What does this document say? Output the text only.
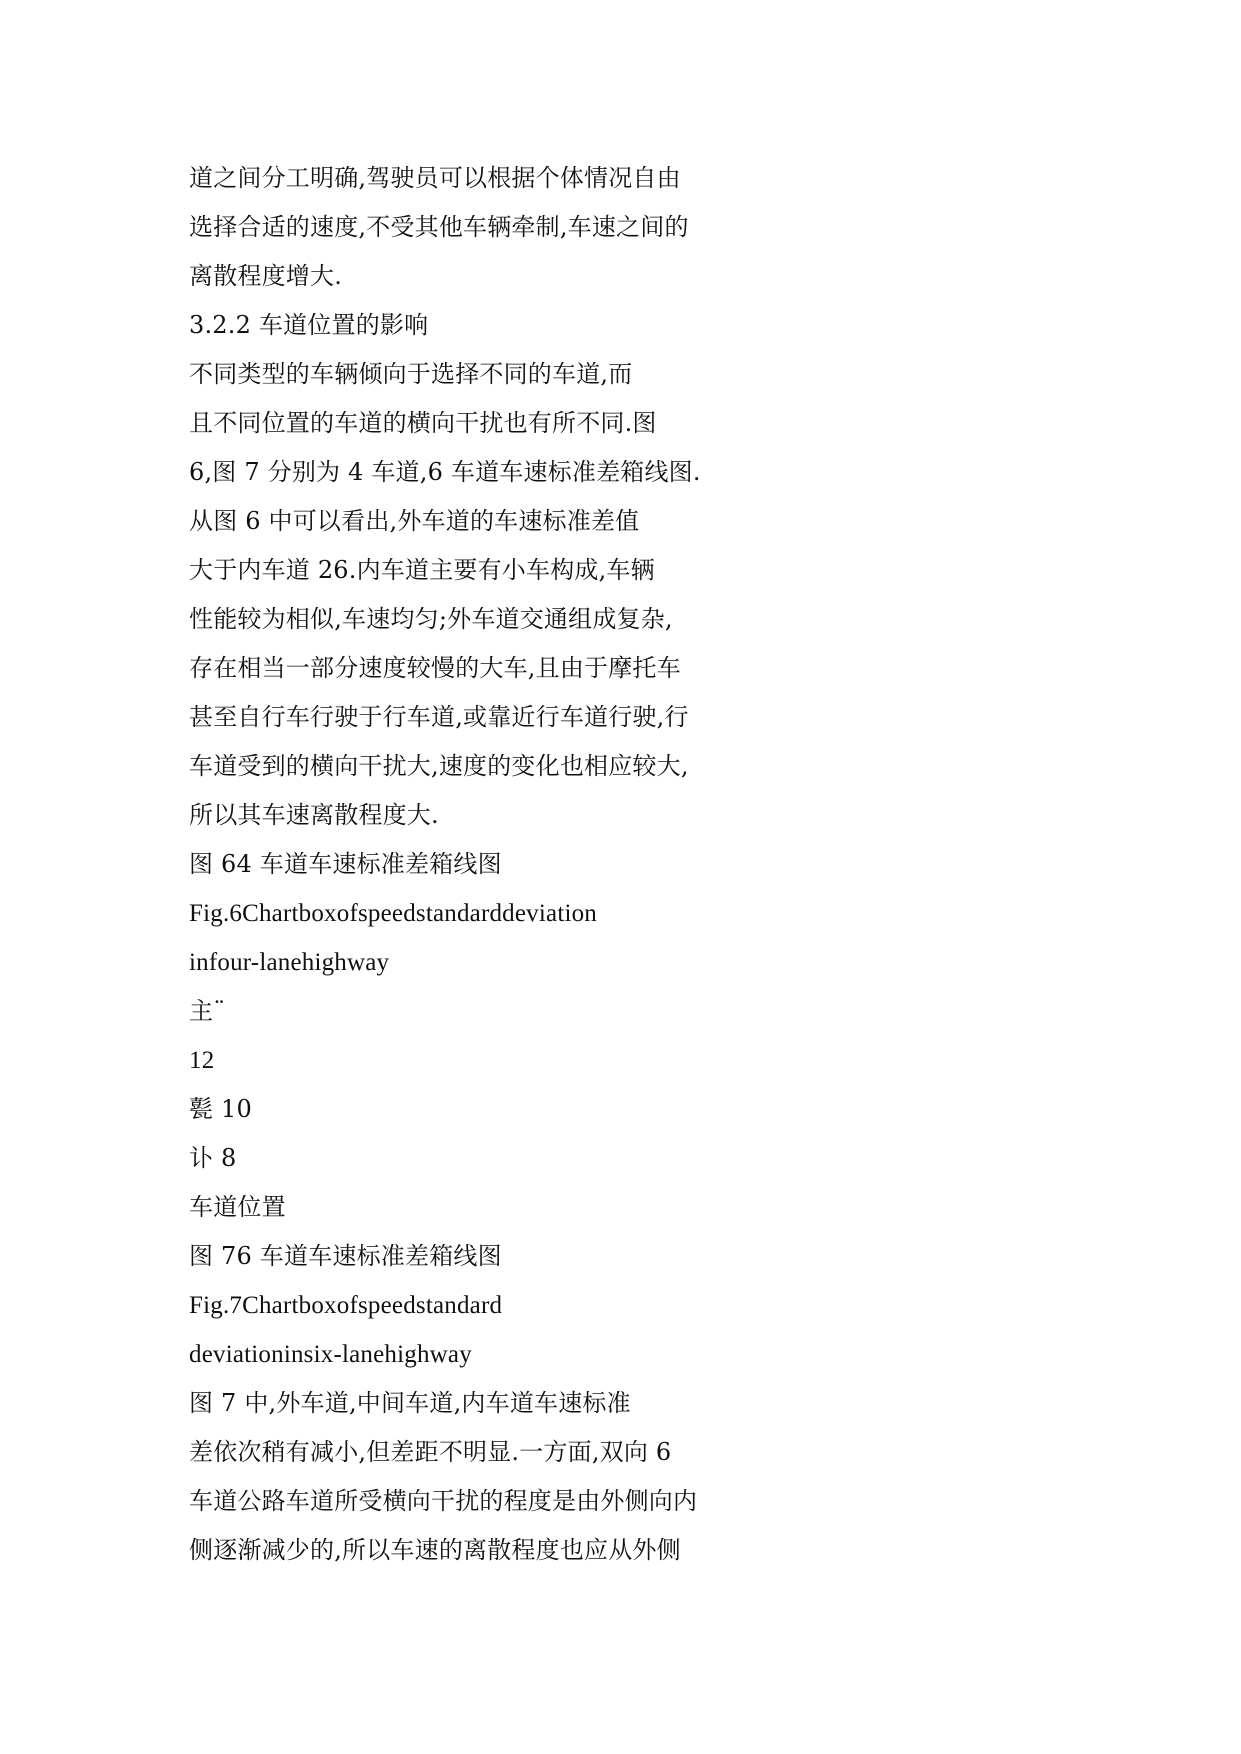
道之间分工明确,驾驶员可以根据个体情况自由
选择合适的速度,不受其他车辆牵制,车速之间的
离散程度增大.
3.2.2 车道位置的影响
不同类型的车辆倾向于选择不同的车道,而
且不同位置的车道的横向干扰也有所不同.图
6,图 7 分别为 4 车道,6 车道车速标准差箱线图.
从图 6 中可以看出,外车道的车速标准差值
大于内车道 26.内车道主要有小车构成,车辆
性能较为相似,车速均匀;外车道交通组成复杂,
存在相当一部分速度较慢的大车,且由于摩托车
甚至自行车行驶于行车道,或靠近行车道行驶,行
车道受到的横向干扰大,速度的变化也相应较大,
所以其车速离散程度大.
图 64 车道车速标准差箱线图
Fig.6Chartboxofspeedstandarddeviation
infour-lanehighway
主¨
12
甏 10
讣 8
车道位置
图 76 车道车速标准差箱线图
Fig.7Chartboxofspeedstandard
deviationinsix-lanehighway
图 7 中,外车道,中间车道,内车道车速标准
差依次稍有减小,但差距不明显.一方面,双向 6
车道公路车道所受横向干扰的程度是由外侧向内
侧逐渐减少的,所以车速的离散程度也应从外侧
